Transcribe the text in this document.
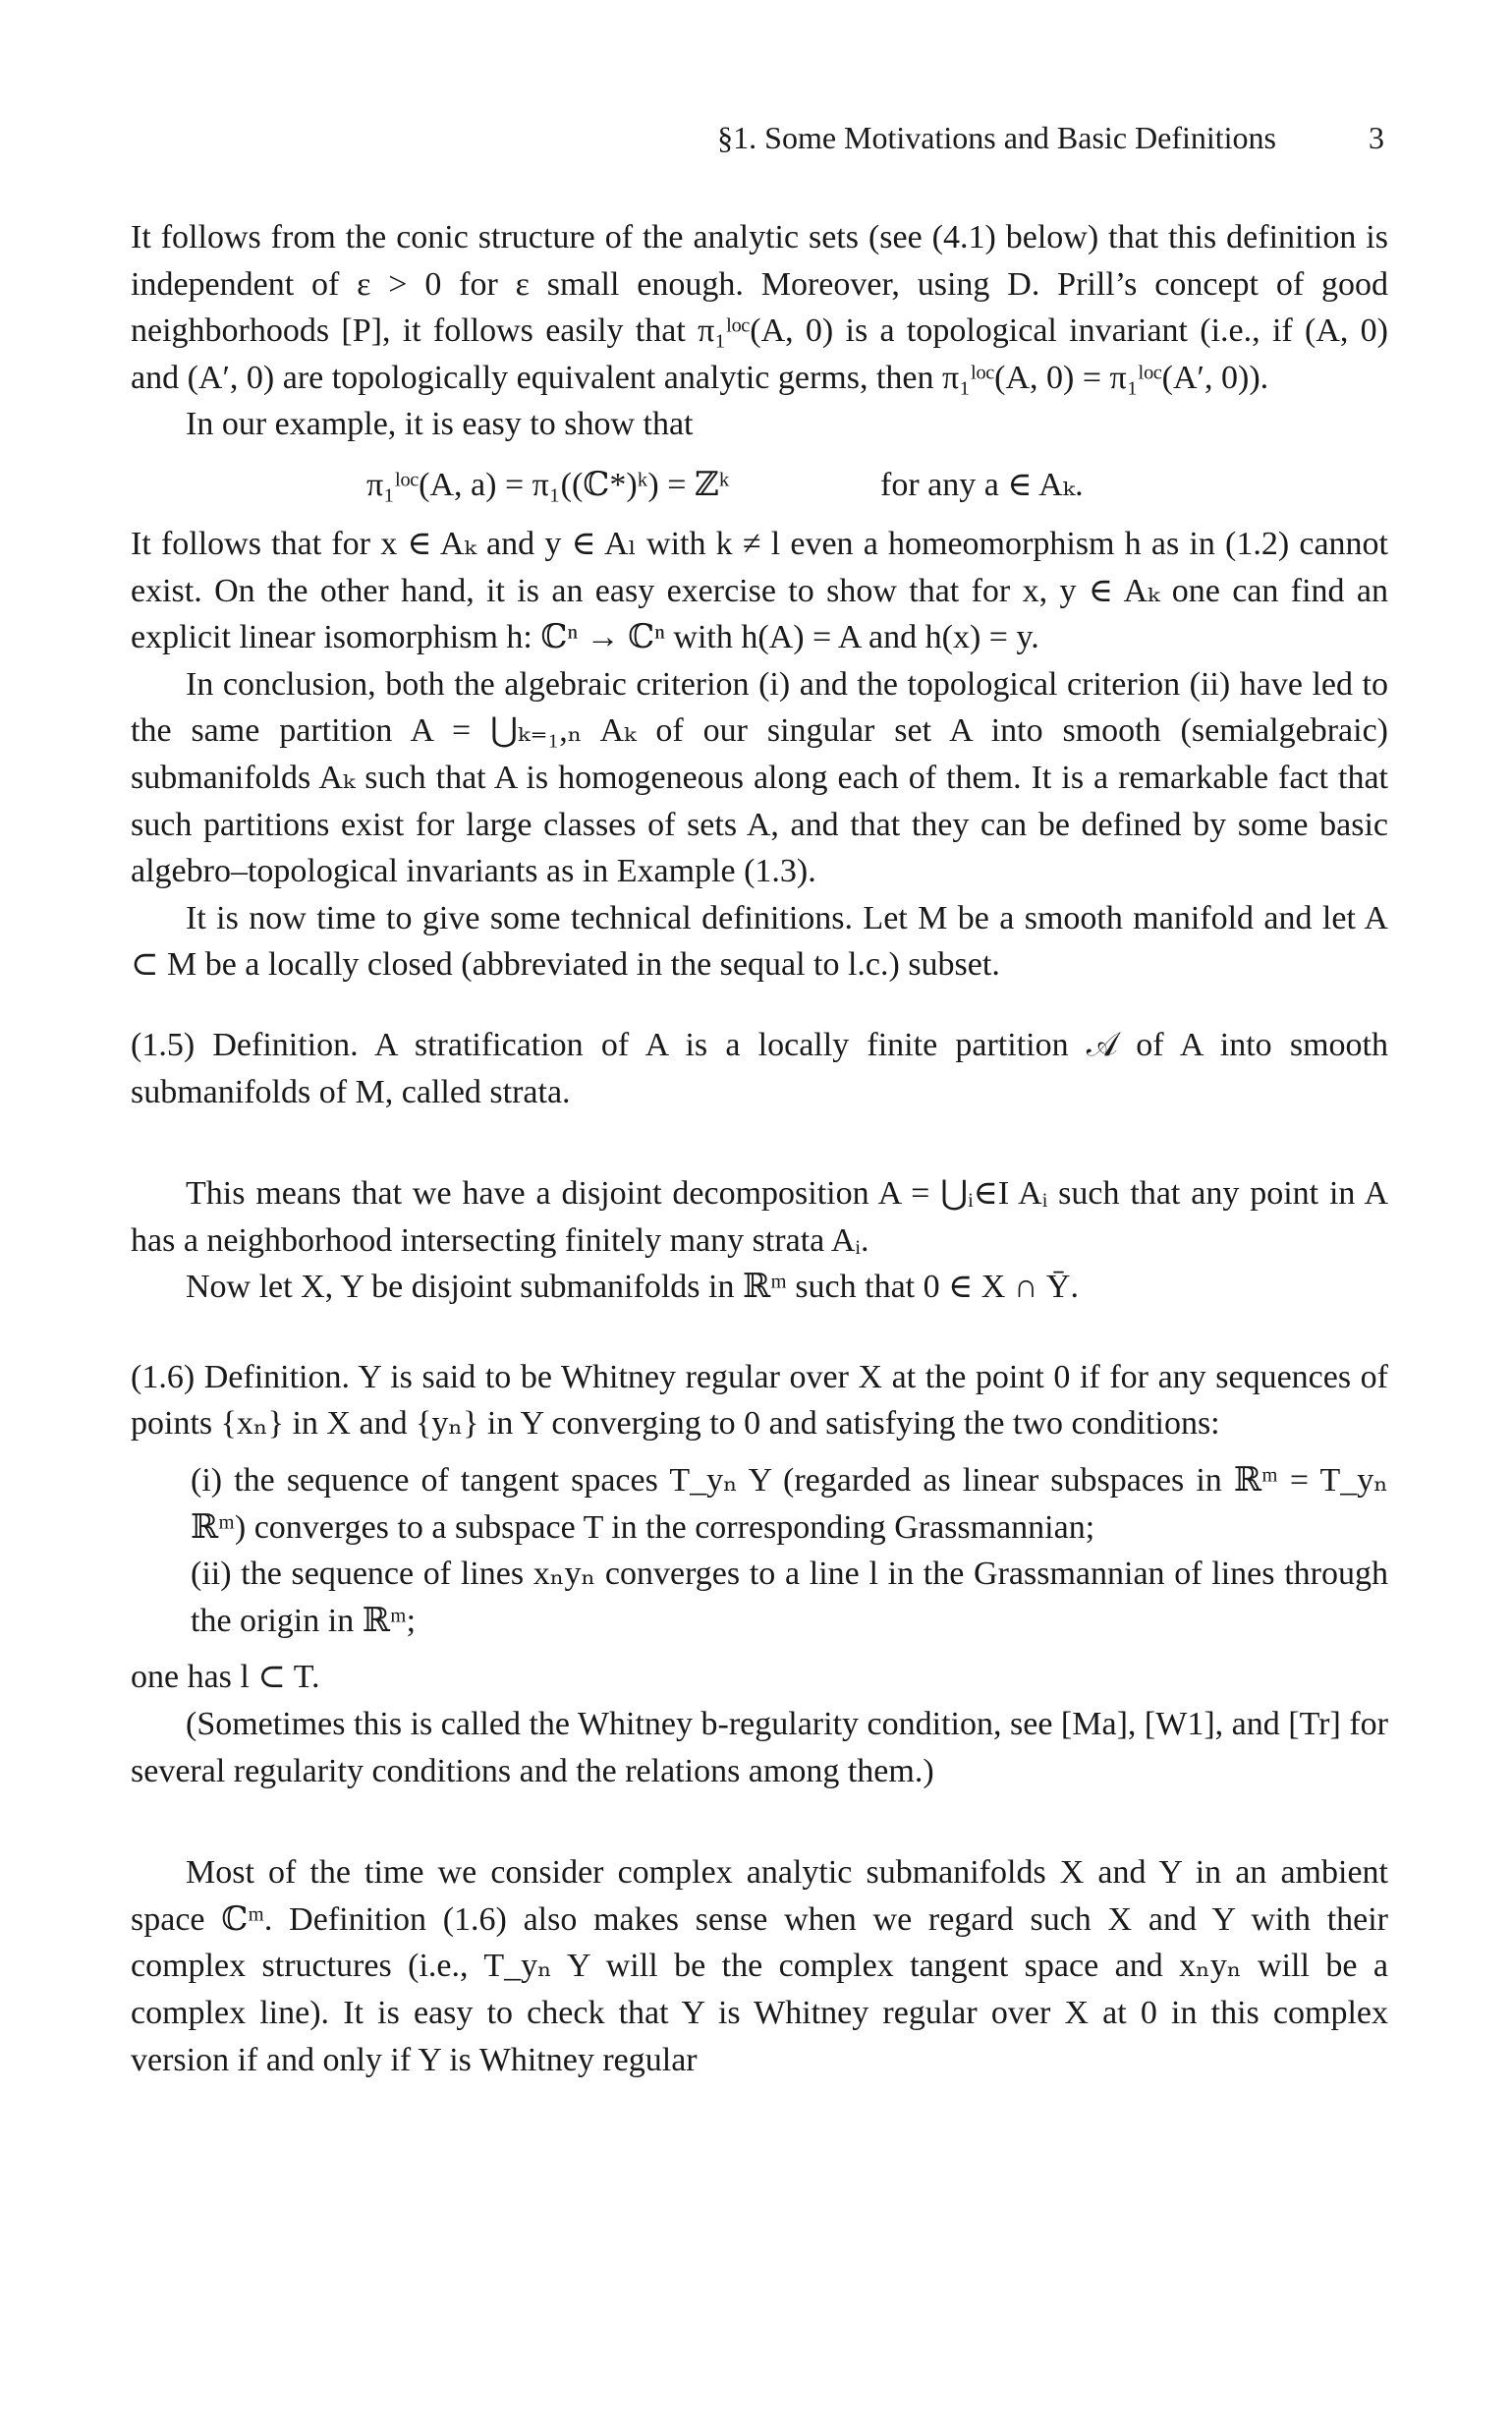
§1. Some Motivations and Basic Definitions	3

It follows from the conic structure of the analytic sets (see (4.1) below) that this definition is independent of ε > 0 for ε small enough. Moreover, using D. Prill’s concept of good neighborhoods [P], it follows easily that π₁ˡᵒᶜ(A, 0) is a topological invariant (i.e., if (A, 0) and (A′, 0) are topologically equivalent analytic germs, then π₁ˡᵒᶜ(A, 0) = π₁ˡᵒᶜ(A′, 0)).

In our example, it is easy to show that

π₁ˡᵒᶜ(A, a) = π₁((ℂ*)ᵏ) = ℤᵏ	for any a ∈ Aₖ.

It follows that for x ∈ Aₖ and y ∈ Aₗ with k ≠ l even a homeomorphism h as in (1.2) cannot exist. On the other hand, it is an easy exercise to show that for x, y ∈ Aₖ one can find an explicit linear isomorphism h: ℂⁿ → ℂⁿ with h(A) = A and h(x) = y.

In conclusion, both the algebraic criterion (i) and the topological criterion (ii) have led to the same partition A = ⋃ₖ₌₁,ₙ Aₖ of our singular set A into smooth (semialgebraic) submanifolds Aₖ such that A is homogeneous along each of them. It is a remarkable fact that such partitions exist for large classes of sets A, and that they can be defined by some basic algebro–topological invariants as in Example (1.3).

It is now time to give some technical definitions. Let M be a smooth manifold and let A ⊂ M be a locally closed (abbreviated in the sequal to l.c.) subset.

(1.5) Definition. A stratification of A is a locally finite partition 𝒜 of A into smooth submanifolds of M, called strata.

This means that we have a disjoint decomposition A = ⋃ᵢ∈I Aᵢ such that any point in A has a neighborhood intersecting finitely many strata Aᵢ.

Now let X, Y be disjoint submanifolds in ℝᵐ such that 0 ∈ X ∩ Ȳ.

(1.6) Definition. Y is said to be Whitney regular over X at the point 0 if for any sequences of points {xₙ} in X and {yₙ} in Y converging to 0 and satisfying the two conditions:

(i) the sequence of tangent spaces T_yₙ Y (regarded as linear subspaces in ℝᵐ = T_yₙ ℝᵐ) converges to a subspace T in the corresponding Grassmannian;

(ii) the sequence of lines xₙyₙ converges to a line l in the Grassmannian of lines through the origin in ℝᵐ;

one has l ⊂ T.

(Sometimes this is called the Whitney b-regularity condition, see [Ma], [W1], and [Tr] for several regularity conditions and the relations among them.)

Most of the time we consider complex analytic submanifolds X and Y in an ambient space ℂᵐ. Definition (1.6) also makes sense when we regard such X and Y with their complex structures (i.e., T_yₙ Y will be the complex tangent space and xₙyₙ will be a complex line). It is easy to check that Y is Whitney regular over X at 0 in this complex version if and only if Y is Whitney regular
